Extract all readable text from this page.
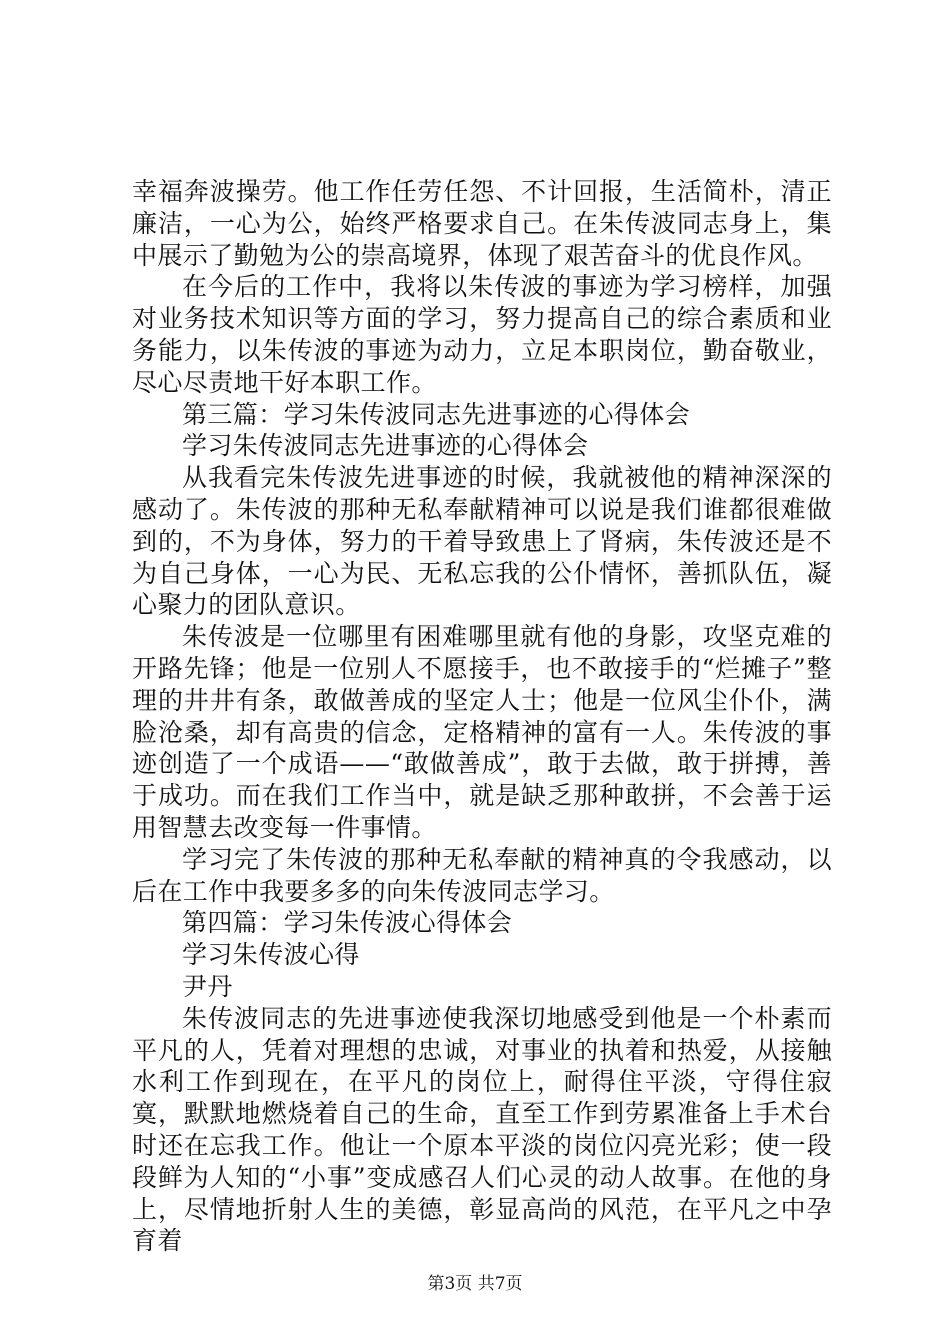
幸福奔波操劳。他工作任劳任怨、不计回报，生活简朴，清正廉洁，一心为公，始终严格要求自己。在朱传波同志身上，集中展示了勤勉为公的崇高境界，体现了艰苦奋斗的优良作风。

在今后的工作中，我将以朱传波的事迹为学习榜样，加强对业务技术知识等方面的学习，努力提高自己的综合素质和业务能力，以朱传波的事迹为动力，立足本职岗位，勤奋敬业，尽心尽责地干好本职工作。

第三篇：学习朱传波同志先进事迹的心得体会

学习朱传波同志先进事迹的心得体会

从我看完朱传波先进事迹的时候，我就被他的精神深深的感动了。朱传波的那种无私奉献精神可以说是我们谁都很难做到的，不为身体，努力的干着导致患上了肾病，朱传波还是不为自己身体，一心为民、无私忘我的公仆情怀，善抓队伍，凝心聚力的团队意识。

朱传波是一位哪里有困难哪里就有他的身影，攻坚克难的开路先锋；他是一位别人不愿接手，也不敢接手的“烂摊子”整理的井井有条，敢做善成的坚定人士；他是一位风尘仆仆，满脸沧桑，却有高贵的信念，定格精神的富有一人。朱传波的事迹创造了一个成语——“敢做善成”，敢于去做，敢于拼搏，善于成功。而在我们工作当中，就是缺乏那种敢拼，不会善于运用智慧去改变每一件事情。

学习完了朱传波的那种无私奉献的精神真的令我感动，以后在工作中我要多多的向朱传波同志学习。

第四篇：学习朱传波心得体会

学习朱传波心得

尹丹

朱传波同志的先进事迹使我深切地感受到他是一个朴素而平凡的人，凭着对理想的忠诚，对事业的执着和热爱，从接触水利工作到现在，在平凡的岗位上，耐得住平淡，守得住寂寞，默默地燃烧着自己的生命，直至工作到劳累准备上手术台时还在忘我工作。他让一个原本平淡的岗位闪亮光彩；使一段段鲜为人知的“小事”变成感召人们心灵的动人故事。在他的身上，尽情地折射人生的美德，彰显高尚的风范，在平凡之中孕育着

第3页 共7页
